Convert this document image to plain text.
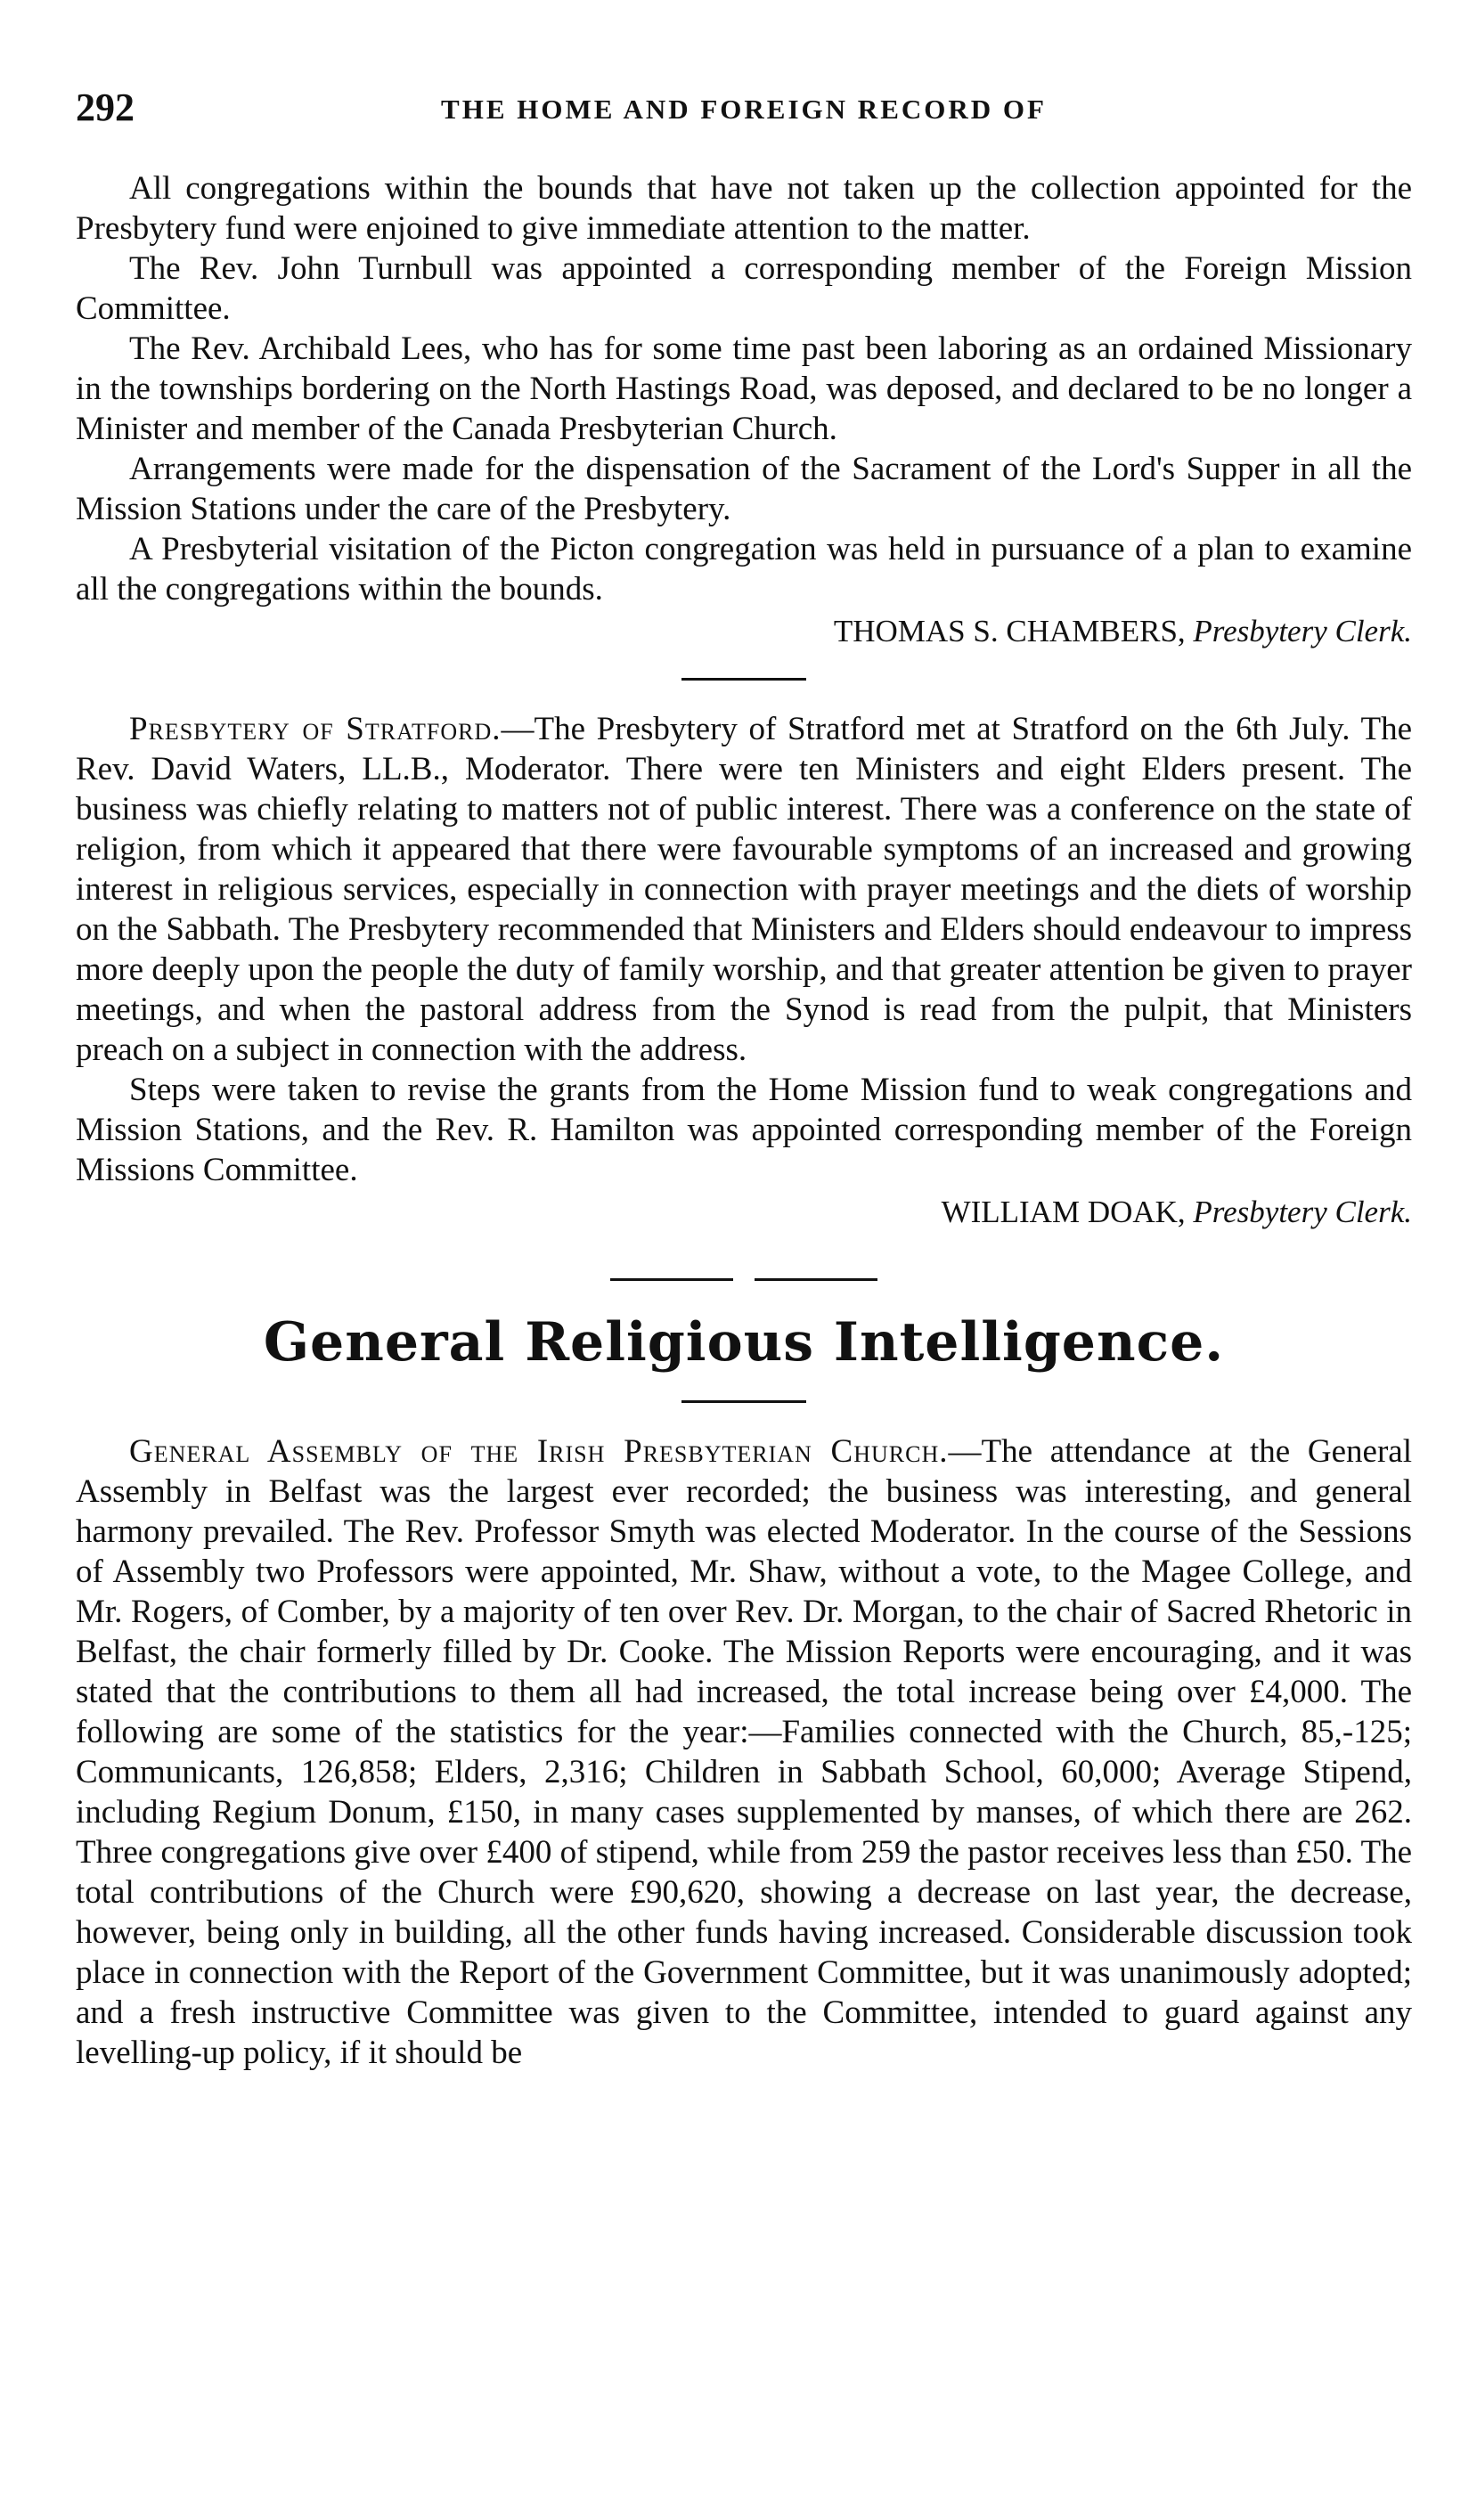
292	THE HOME AND FOREIGN RECORD OF

All congregations within the bounds that have not taken up the collection appointed for the Presbytery fund were enjoined to give immediate attention to the matter.

The Rev. John Turnbull was appointed a corresponding member of the Foreign Mission Committee.

The Rev. Archibald Lees, who has for some time past been laboring as an ordained Missionary in the townships bordering on the North Hastings Road, was deposed, and declared to be no longer a Minister and member of the Canada Presbyterian Church.

Arrangements were made for the dispensation of the Sacrament of the Lord's Supper in all the Mission Stations under the care of the Presbytery.

A Presbyterial visitation of the Picton congregation was held in pursuance of a plan to examine all the congregations within the bounds.

THOMAS S. CHAMBERS, Presbytery Clerk.

Presbytery of Stratford.—The Presbytery of Stratford met at Stratford on the 6th July. The Rev. David Waters, LL.B., Moderator. There were ten Ministers and eight Elders present. The business was chiefly relating to matters not of public interest. There was a conference on the state of religion, from which it appeared that there were favourable symptoms of an increased and growing interest in religious services, especially in connection with prayer meetings and the diets of worship on the Sabbath. The Presbytery recommended that Ministers and Elders should endeavour to impress more deeply upon the people the duty of family worship, and that greater attention be given to prayer meetings, and when the pastoral address from the Synod is read from the pulpit, that Ministers preach on a subject in connection with the address.

Steps were taken to revise the grants from the Home Mission fund to weak congregations and Mission Stations, and the Rev. R. Hamilton was appointed corresponding member of the Foreign Missions Committee.

WILLIAM DOAK, Presbytery Clerk.
General Religious Intelligence.

General Assembly of the Irish Presbyterian Church.—The attendance at the General Assembly in Belfast was the largest ever recorded; the business was interesting, and general harmony prevailed. The Rev. Professor Smyth was elected Moderator. In the course of the Sessions of Assembly two Professors were appointed, Mr. Shaw, without a vote, to the Magee College, and Mr. Rogers, of Comber, by a majority of ten over Rev. Dr. Morgan, to the chair of Sacred Rhetoric in Belfast, the chair formerly filled by Dr. Cooke. The Mission Reports were encouraging, and it was stated that the contributions to them all had increased, the total increase being over £4,000. The following are some of the statistics for the year:—Families connected with the Church, 85,-125; Communicants, 126,858; Elders, 2,316; Children in Sabbath School, 60,000; Average Stipend, including Regium Donum, £150, in many cases supplemented by manses, of which there are 262. Three congregations give over £400 of stipend, while from 259 the pastor receives less than £50. The total contributions of the Church were £90,620, showing a decrease on last year, the decrease, however, being only in building, all the other funds having increased. Considerable discussion took place in connection with the Report of the Government Committee, but it was unanimously adopted; and a fresh instructive Committee was given to the Committee, intended to guard against any levelling-up policy, if it should be
